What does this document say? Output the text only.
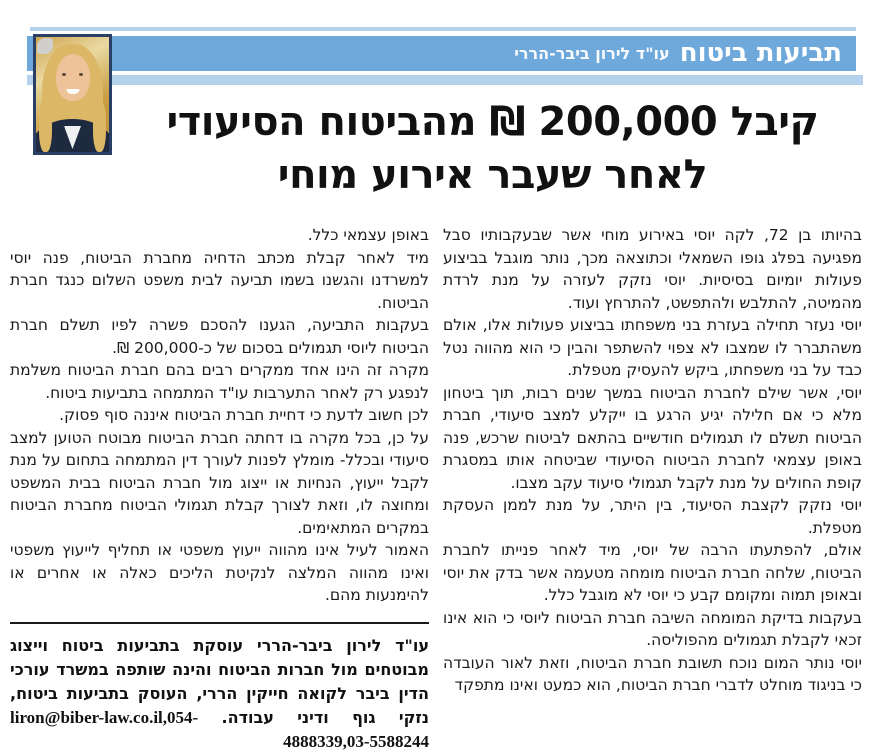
תביעות ביטוח
עו"ד לירון ביבר-הררי
קיבל 200,000 ₪ מהביטוח הסיעודי
לאחר שעבר אירוע מוחי

בהיותו בן 72, לקה יוסי באירוע מוחי אשר שבעקבותיו סבל מפגיעה בפלג גופו השמאלי וכתוצאה מכך, נותר מוגבל בביצוע פעולות יומיום בסיסיות. יוסי נזקק לעזרה על מנת לרדת מהמיטה, להתלבש ולהתפשט, להתרחץ ועוד.

יוסי נעזר תחילה בעזרת בני משפחתו בביצוע פעולות אלו, אולם משהתברר לו שמצבו לא צפוי להשתפר והבין כי הוא מהווה נטל כבד על בני משפחתו, ביקש להעסיק מטפלת.

יוסי, אשר שילם לחברת הביטוח במשך שנים רבות, תוך ביטחון מלא כי אם חלילה יגיע הרגע בו ייקלע למצב סיעודי, חברת הביטוח תשלם לו תגמולים חודשיים בהתאם לביטוח שרכש, פנה באופן עצמאי לחברת הביטוח הסיעודי שביטחה אותו במסגרת קופת החולים על מנת לקבל תגמולי סיעוד עקב מצבו.

יוסי נזקק לקצבת הסיעוד, בין היתר, על מנת לממן העסקת מטפלת.

אולם, להפתעתו הרבה של יוסי, מיד לאחר פנייתו לחברת הביטוח, שלחה חברת הביטוח מומחה מטעמה אשר בדק את יוסי ובאופן תמוה ומקומם קבע כי יוסי לא מוגבל כלל.

בעקבות בדיקת המומחה השיבה חברת הביטוח ליוסי כי הוא אינו זכאי לקבלת תגמולים מהפוליסה.

יוסי נותר המום נוכח תשובת חברת הביטוח, וזאת לאור העובדה כי בניגוד מוחלט לדברי חברת הביטוח, הוא כמעט ואינו מתפקד

באופן עצמאי כלל.

מיד לאחר קבלת מכתב הדחיה מחברת הביטוח, פנה יוסי למשרדנו והגשנו בשמו תביעה לבית משפט השלום כנגד חברת הביטוח.

בעקבות התביעה, הגענו להסכם פשרה לפיו תשלם חברת הביטוח ליוסי תגמולים בסכום של כ-200,000 ₪.

מקרה זה הינו אחד ממקרים רבים בהם חברת הביטוח משלמת לנפגע רק לאחר התערבות עו"ד המתמחה בתביעות ביטוח.

לכן חשוב לדעת כי דחיית חברת הביטוח איננה סוף פסוק.

על כן, בכל מקרה בו דחתה חברת הביטוח מבוטח הטוען למצב סיעודי ובכלל- מומלץ לפנות לעורך דין המתמחה בתחום על מנת לקבל ייעוץ, הנחיות או ייצוג מול חברת הביטוח בבית המשפט ומחוצה לו, וזאת לצורך קבלת תגמולי הביטוח מחברת הביטוח במקרים המתאימים.

האמור לעיל אינו מהווה ייעוץ משפטי או תחליף לייעוץ משפטי ואינו מהווה המלצה לנקיטת הליכים כאלה או אחרים או להימנעות מהם.

עו"ד לירון ביבר-הררי עוסקת בתביעות ביטוח וייצוג מבוטחים מול חברות הביטוח והינה שותפה במשרד עורכי הדין ביבר לקואה חייקין הררי, העוסק בתביעות ביטוח, נזקי גוף ודיני עבודה. liron@biber-law.co.il,054-4888339,03-5588244
